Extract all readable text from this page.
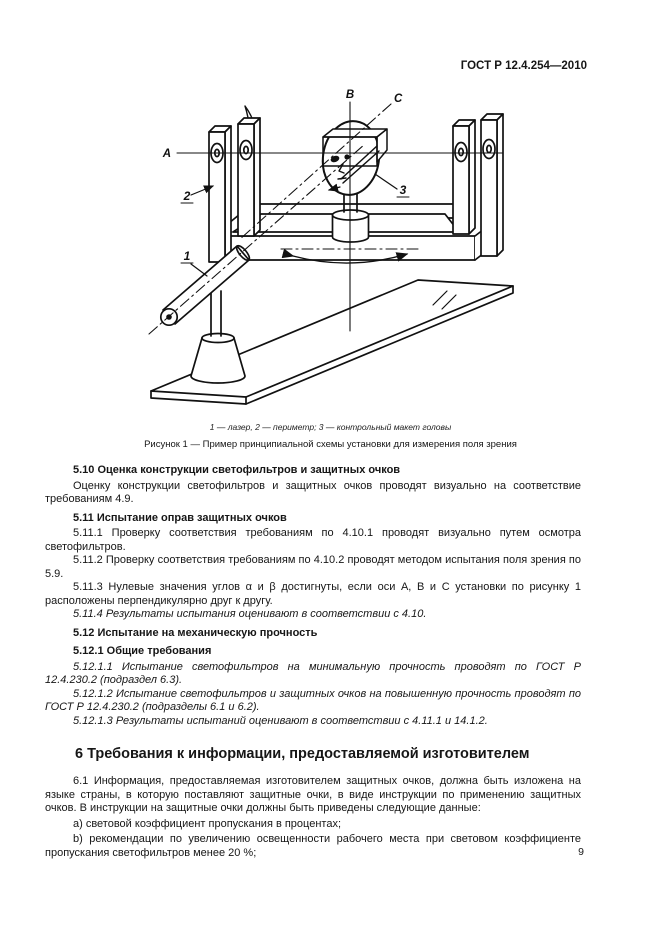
ГОСТ Р 12.4.254—2010
A
B	C
1
2	3
1 — лазер, 2 — периметр; 3 — контрольный макет головы
Рисунок 1 — Пример принципиальной схемы установки для измерения поля зрения
5.10 Оценка конструкции светофильтров и защитных очков
Оценку конструкции светофильтров и защитных очков проводят визуально на соответствие требованиям 4.9.
5.11 Испытание оправ защитных очков
5.11.1 Проверку соответствия требованиям по 4.10.1 проводят визуально путем осмотра светофильтров.
5.11.2 Проверку соответствия требованиям по 4.10.2 проводят методом испытания поля зрения по 5.9.
5.11.3 Нулевые значения углов α и β достигнуты, если оси А, В и С установки по рисунку 1 расположены перпендикулярно друг к другу.
5.11.4 Результаты испытания оценивают в соответствии с 4.10.
5.12 Испытание на механическую прочность
5.12.1 Общие требования
5.12.1.1 Испытание светофильтров на минимальную прочность проводят по ГОСТ Р 12.4.230.2 (подраздел 6.3).
5.12.1.2 Испытание светофильтров и защитных очков на повышенную прочность проводят по ГОСТ Р 12.4.230.2 (подразделы 6.1 и 6.2).
5.12.1.3 Результаты испытаний оценивают в соответствии с 4.11.1 и 14.1.2.
6 Требования к информации, предоставляемой изготовителем
6.1 Информация, предоставляемая изготовителем защитных очков, должна быть изложена на языке страны, в которую поставляют защитные очки, в виде инструкции по применению защитных очков. В инструкции на защитные очки должны быть приведены следующие данные:
a) световой коэффициент пропускания в процентах;
b) рекомендации по увеличению освещенности рабочего места при световом коэффициенте пропускания светофильтров менее 20 %;	9
